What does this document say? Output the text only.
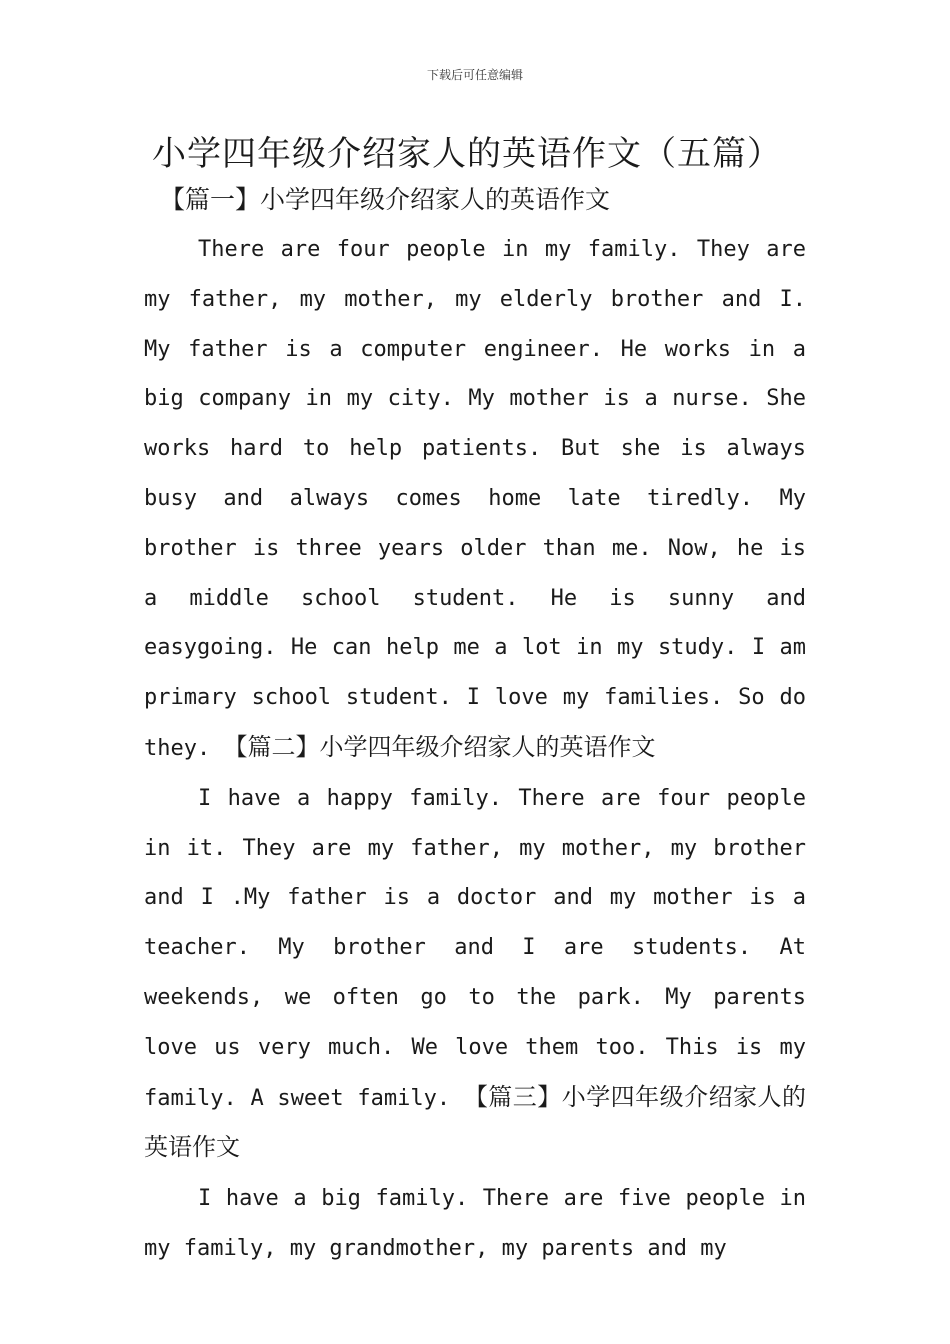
下载后可任意编辑
小学四年级介绍家人的英语作文（五篇）
【篇一】小学四年级介绍家人的英语作文

There are four people in my family. They are my father, my mother, my elderly brother and I. My father is a computer engineer. He works in a big company in my city. My mother is a nurse. She works hard to help patients. But she is always busy and always comes home late tiredly. My brother is three years older than me. Now, he is a middle school student. He is sunny and easygoing. He can help me a lot in my study. I am primary school student. I love my families. So do they. 【篇二】小学四年级介绍家人的英语作文

I have a happy family. There are four people in it. They are my father, my mother, my brother and I .My father is a doctor and my mother is a teacher. My brother and I are students. At weekends, we often go to the park. My parents love us very much. We love them too. This is my family. A sweet family. 【篇三】小学四年级介绍家人的英语作文

I have a big family. There are five people in my family, my grandmother, my parents and my
